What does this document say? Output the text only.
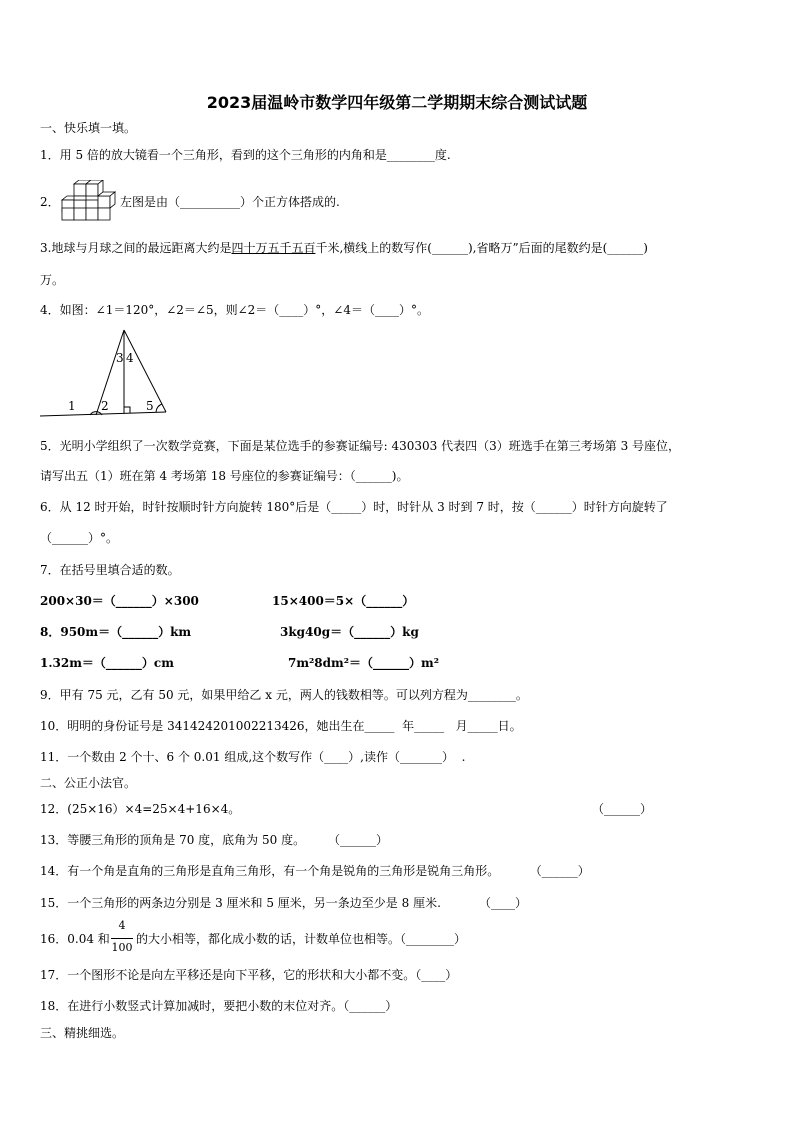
2023届温岭市数学四年级第二学期期末综合测试试题
一、快乐填一填。
1．用 5 倍的放大镜看一个三角形，看到的这个三角形的内角和是________度.
2．	左图是由（__________）个正方体搭成的.
3.地球与月球之间的最远距离大约是四十万五千五百千米,横线上的数写作(______),省略万”后面的尾数约是(______)
万。
4．如图：∠1＝120°，∠2＝∠5，则∠2＝（____）°，∠4＝（____）°。
1 2
3 4
5
5．光明小学组织了一次数学竞赛，下面是某位选手的参赛证编号: 430303 代表四（3）班选手在第三考场第 3 号座位，
请写出五（1）班在第 4 考场第 18 号座位的参赛证编号：（______)。
6．从 12 时开始，时针按顺时针方向旋转 180°后是（_____）时，时针从 3 时到 7 时，按（______）时针方向旋转了
（______）°。
7．在括号里填合适的数。
200×30＝（______）×300	15×400＝5×（______）
8．950m＝（______）km	3kg40g＝（______）kg
1.32m＝（______）cm	7m²8dm²＝（______）m²
9．甲有 75 元，乙有 50 元，如果甲给乙 x 元，两人的钱数相等。可以列方程为________。
10．明明的身份证号是 341424201002213426，她出生在_____  年_____   月_____日。
11．一个数由 2 个十、6 个 0.01 组成,这个数写作（____）,读作（_______）  .
二、公正小法官。
12．(25×16）×4=25×4+16×4。	（______）
13．等腰三角形的顶角是 70 度，底角为 50 度。      （______）
14．有一个角是直角的三角形是直角三角形，有一个角是锐角的三角形是锐角三角形。        （______）
15．一个三角形的两条边分别是 3 厘米和 5 厘米，另一条边至少是 8 厘米.          （____）
16．0.04 和
4
100
的大小相等，都化成小数的话，计数单位也相等。（________）
17．一个图形不论是向左平移还是向下平移，它的形状和大小都不变。（____）
18．在进行小数竖式计算加减时，要把小数的末位对齐。（______）
三、精挑细选。
